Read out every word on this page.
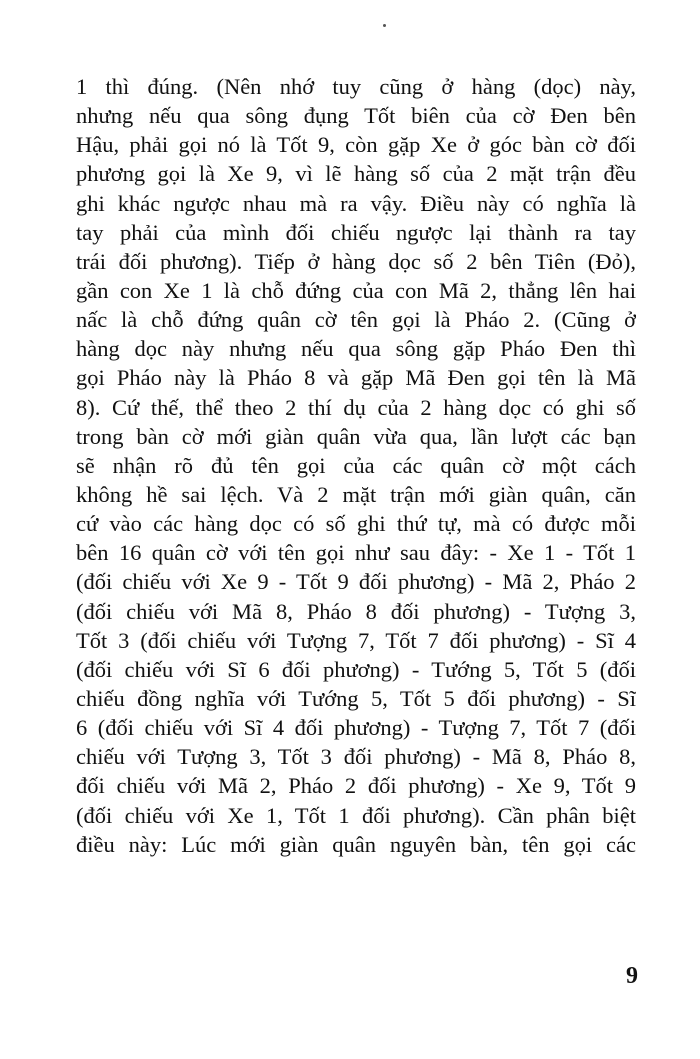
1 thì đúng. (Nên nhớ tuy cũng ở hàng (dọc) này,
nhưng nếu qua sông đụng Tốt biên của cờ Đen bên
Hậu, phải gọi nó là Tốt 9, còn gặp Xe ở góc bàn cờ đối
phương gọi là Xe 9, vì lẽ hàng số của 2 mặt trận đều
ghi khác ngược nhau mà ra vậy. Điều này có nghĩa là
tay phải của mình đối chiếu ngược lại thành ra tay
trái đối phương). Tiếp ở hàng dọc số 2 bên Tiên (Đỏ),
gần con Xe 1 là chỗ đứng của con Mã 2, thẳng lên hai
nấc là chỗ đứng quân cờ tên gọi là Pháo 2. (Cũng ở
hàng dọc này nhưng nếu qua sông gặp Pháo Đen thì
gọi Pháo này là Pháo 8 và gặp Mã Đen gọi tên là Mã
8). Cứ thế, thể theo 2 thí dụ của 2 hàng dọc có ghi số
trong bàn cờ mới giàn quân vừa qua, lần lượt các bạn
sẽ nhận rõ đủ tên gọi của các quân cờ một cách
không hề sai lệch. Và 2 mặt trận mới giàn quân, căn
cứ vào các hàng dọc có số ghi thứ tự, mà có được mỗi
bên 16 quân cờ với tên gọi như sau đây: - Xe 1 - Tốt 1
(đối chiếu với Xe 9 - Tốt 9 đối phương) - Mã 2, Pháo 2
(đối chiếu với Mã 8, Pháo 8 đối phương) - Tượng 3,
Tốt 3 (đối chiếu với Tượng 7, Tốt 7 đối phương) - Sĩ 4
(đối chiếu với Sĩ 6 đối phương) - Tướng 5, Tốt 5 (đối
chiếu đồng nghĩa với Tướng 5, Tốt 5 đối phương) - Sĩ
6 (đối chiếu với Sĩ 4 đối phương) - Tượng 7, Tốt 7 (đối
chiếu với Tượng 3, Tốt 3 đối phương) - Mã 8, Pháo 8,
đối chiếu với Mã 2, Pháo 2 đối phương) - Xe 9, Tốt 9
(đối chiếu với Xe 1, Tốt 1 đối phương). Cần phân biệt
điều này: Lúc mới giàn quân nguyên bàn, tên gọi các
9
